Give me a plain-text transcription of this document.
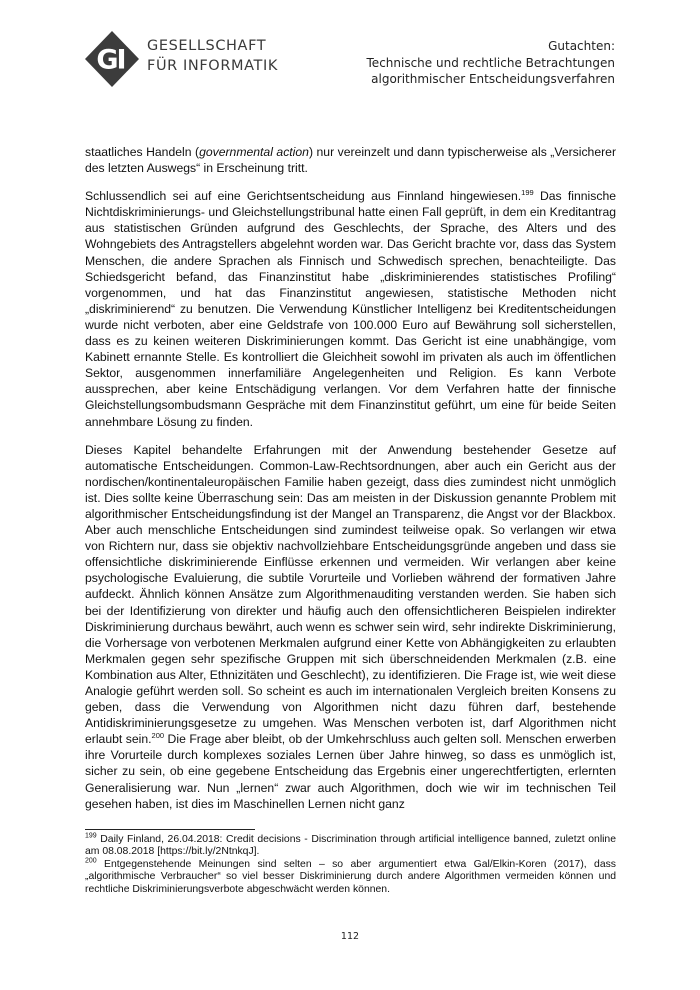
GI GESELLSCHAFT
FÜR INFORMATIK
Gutachten:
Technische und rechtliche Betrachtungen
algorithmischer Entscheidungsverfahren

staatliches Handeln (governmental action) nur vereinzelt und dann typischerweise als „Versicherer des letzten Auswegs“ in Erscheinung tritt.

Schlussendlich sei auf eine Gerichtsentscheidung aus Finnland hingewiesen.$^{199}$ Das finnische Nichtdiskriminierungs- und Gleichstellungstribunal hatte einen Fall geprüft, in dem ein Kreditantrag aus statistischen Gründen aufgrund des Geschlechts, der Sprache, des Alters und des Wohngebiets des Antragstellers abgelehnt worden war. Das Gericht brachte vor, dass das System Menschen, die andere Sprachen als Finnisch und Schwedisch sprechen, benachteiligte. Das Schiedsgericht befand, das Finanzinstitut habe „diskriminierendes statistisches Profiling“ vorgenommen, und hat das Finanzinstitut angewiesen, statistische Methoden nicht „diskriminierend“ zu benutzen. Die Verwendung Künstlicher Intelligenz bei Kreditentscheidungen wurde nicht verboten, aber eine Geldstrafe von 100.000 Euro auf Bewährung soll sicherstellen, dass es zu keinen weiteren Diskriminierungen kommt. Das Gericht ist eine unabhängige, vom Kabinett ernannte Stelle. Es kontrolliert die Gleichheit sowohl im privaten als auch im öffentlichen Sektor, ausgenommen innerfamiliäre Angelegenheiten und Religion. Es kann Verbote aussprechen, aber keine Entschädigung verlangen. Vor dem Verfahren hatte der finnische Gleichstellungsombudsmann Gespräche mit dem Finanzinstitut geführt, um eine für beide Seiten annehmbare Lösung zu finden.

Dieses Kapitel behandelte Erfahrungen mit der Anwendung bestehender Gesetze auf automatische Entscheidungen. Common-Law-Rechtsordnungen, aber auch ein Gericht aus der nordischen/kontinentaleuropäischen Familie haben gezeigt, dass dies zumindest nicht unmöglich ist. Dies sollte keine Überraschung sein: Das am meisten in der Diskussion genannte Problem mit algorithmischer Entscheidungsfindung ist der Mangel an Transparenz, die Angst vor der Blackbox. Aber auch menschliche Entscheidungen sind zumindest teilweise opak. So verlangen wir etwa von Richtern nur, dass sie objektiv nachvollziehbare Entscheidungsgründe angeben und dass sie offensichtliche diskriminierende Einflüsse erkennen und vermeiden. Wir verlangen aber keine psychologische Evaluierung, die subtile Vorurteile und Vorlieben während der formativen Jahre aufdeckt. Ähnlich können Ansätze zum Algorithmenauditing verstanden werden. Sie haben sich bei der Identifizierung von direkter und häufig auch den offensichtlicheren Beispielen indirekter Diskriminierung durchaus bewährt, auch wenn es schwer sein wird, sehr indirekte Diskriminierung, die Vorhersage von verbotenen Merkmalen aufgrund einer Kette von Abhängigkeiten zu erlaubten Merkmalen gegen sehr spezifische Gruppen mit sich überschneidenden Merkmalen (z.B. eine Kombination aus Alter, Ethnizitäten und Geschlecht), zu identifizieren. Die Frage ist, wie weit diese Analogie geführt werden soll. So scheint es auch im internationalen Vergleich breiten Konsens zu geben, dass die Verwendung von Algorithmen nicht dazu führen darf, bestehende Antidiskriminierungsgesetze zu umgehen. Was Menschen verboten ist, darf Algorithmen nicht erlaubt sein.$^{200}$ Die Frage aber bleibt, ob der Umkehrschluss auch gelten soll. Menschen erwerben ihre Vorurteile durch komplexes soziales Lernen über Jahre hinweg, so dass es unmöglich ist, sicher zu sein, ob eine gegebene Entscheidung das Ergebnis einer ungerechtfertigten, erlernten Generalisierung war. Nun „lernen“ zwar auch Algorithmen, doch wie wir im technischen Teil gesehen haben, ist dies im Maschinellen Lernen nicht ganz

$^{199}$ Daily Finland, 26.04.2018: Credit decisions - Discrimination through artificial intelligence banned, zuletzt online am 08.08.2018 [https://bit.ly/2NtnkqJ].

$^{200}$ Entgegenstehende Meinungen sind selten – so aber argumentiert etwa Gal/Elkin-Koren (2017), dass „algorithmische Verbraucher“ so viel besser Diskriminierung durch andere Algorithmen vermeiden können und rechtliche Diskriminierungsverbote abgeschwächt werden können.

112
